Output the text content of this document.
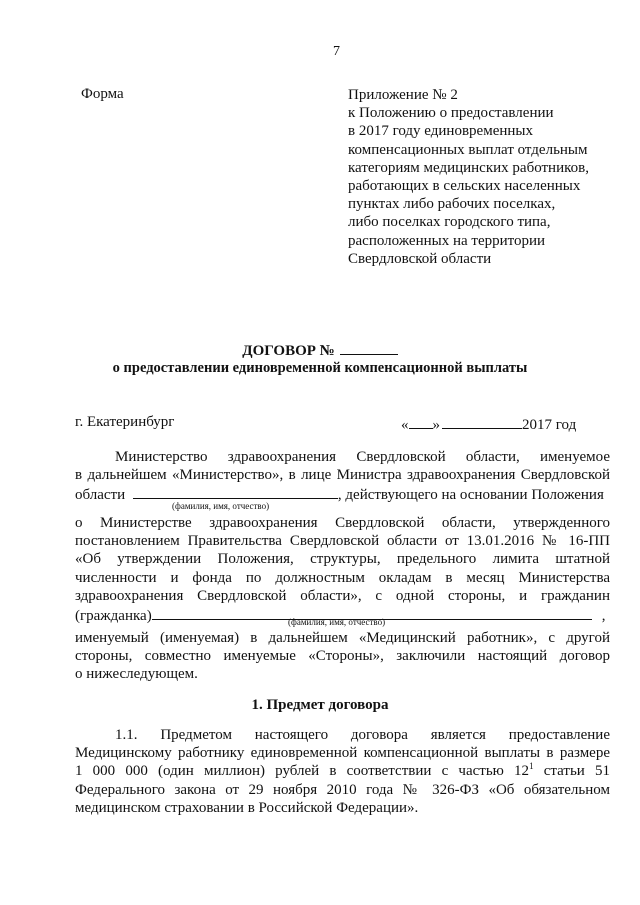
7
Форма	Приложение № 2
к Положению о предоставлении
в 2017 году единовременных
компенсационных выплат отдельным
категориям медицинских работников,
работающих в сельских населенных
пунктах либо рабочих поселках,
либо поселках городского типа,
расположенных на территории
Свердловской области
ДОГОВОР №
о предоставлении единовременной компенсационной выплаты
г. Екатеринбург	« »	2017 год
Министерство здравоохранения Свердловской области, именуемое
в дальнейшем «Министерство», в лице Министра здравоохранения Свердловской
области	, действующего на основании Положения
(фамилия, имя, отчество)
о Министерстве здравоохранения Свердловской области, утвержденного
постановлением Правительства Свердловской области от 13.01.2016 № 16-ПП
«Об утверждении Положения, структуры, предельного лимита штатной
численности и фонда по должностным окладам в месяц Министерства
здравоохранения Свердловской области», с одной стороны, и гражданин
(гражданка)	,
(фамилия, имя, отчество)
именуемый (именуемая) в дальнейшем «Медицинский работник», с другой
стороны, совместно именуемые «Стороны», заключили настоящий договор
о нижеследующем.
1. Предмет договора
1.1. Предметом настоящего договора является предоставление
Медицинскому работнику единовременной компенсационной выплаты в размере
1 000 000 (один миллион) рублей в соответствии с частью $12^1$ статьи 51
Федерального закона от 29 ноября 2010 года № 326-ФЗ «Об обязательном
медицинском страховании в Российской Федерации».
